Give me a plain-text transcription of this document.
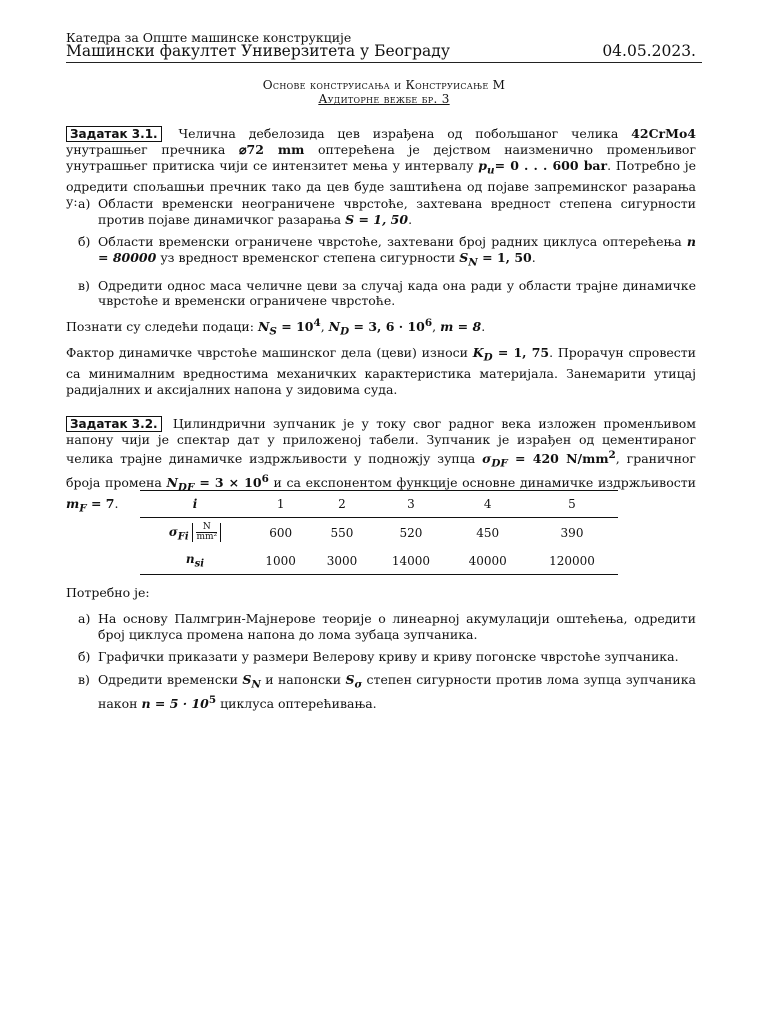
Катедра за Опште машинске конструкције
Машински факултет Универзитета у Београду	04.05.2023.
Основе конструисања и Конструисање М
Аудиторне вежбе бр. 3
Задатак 3.1. Челична дебелозида цев израђена од побољшаног челика 42CrMo4 унутрашњег пречника ⌀72 mm оптерећена је дејством наизменично променљивог унутрашњег притиска чији се интензитет мења у интервалу $p_u= 0$ . . . 600 bar. Потребно је одредити спољашњи пречник тако да цев буде заштићена од појаве запреминског разарања у: а) Области временски неограничене чврстоће, захтевана вредност степена сигурности против појаве динамичког разарања S = 1, 50.
б) Области временски ограничене чврстоће, захтевани број радних циклуса оптерећења n = 80000 уз вредност временског степена сигурности $S_N = 1$, 50.
в) Одредити однос маса челичне цеви за случај када она ради у области трајне динамичке чврстоће и временски ограничене чврстоће.
Познати су следећи подаци: $N_S = 10^4$, $N_D = 3$, $6 \cdot 10^6$, m = 8.
Фактор динамичке чврстоће машинског дела (цеви) износи $K_D = 1$, 75. Прорачун спровести са минималним вредностима механичких карактеристика материјала. Занемарити утицај радијалних и аксијалних напона у зидовима суда.
Задатак 3.2. Цилиндрични зупчаник је у току свог радног века изложен променљивом напону чији је спектар дат у приложеној табели. Зупчаник је израђен од цементираног челика трајне динамичке издржљивости у подножју зупца $\sigma_{DF} = 420$ $N/mm^2$, граничног броја промена $N_{DF} = 3 \times 10^6$ и са експонентом функције основне динамичке издржљивости $m_F = 7$.	i	1	2	3	4	5
$\sigma_{Fi} \frac{N}{\text{mm²}}$	600	550	520	450	390
$n_{si}$	1000	3000	14000	40000	120000
Потребно је:
а) На основу Палмгрин-Мајнерове теорије о линеарној акумулацији оштећења, одредити број циклуса промена напона до лома зубаца зупчаника.
б) Графички приказати у размери Велерову криву и криву погонске чврстоће зупчаника.
в) Одредити временски $S_N$ и напонски $S_\sigma$ степен сигурности против лома зупца зупчаника након $n = 5 \cdot 10^5$ циклуса оптерећивања.
